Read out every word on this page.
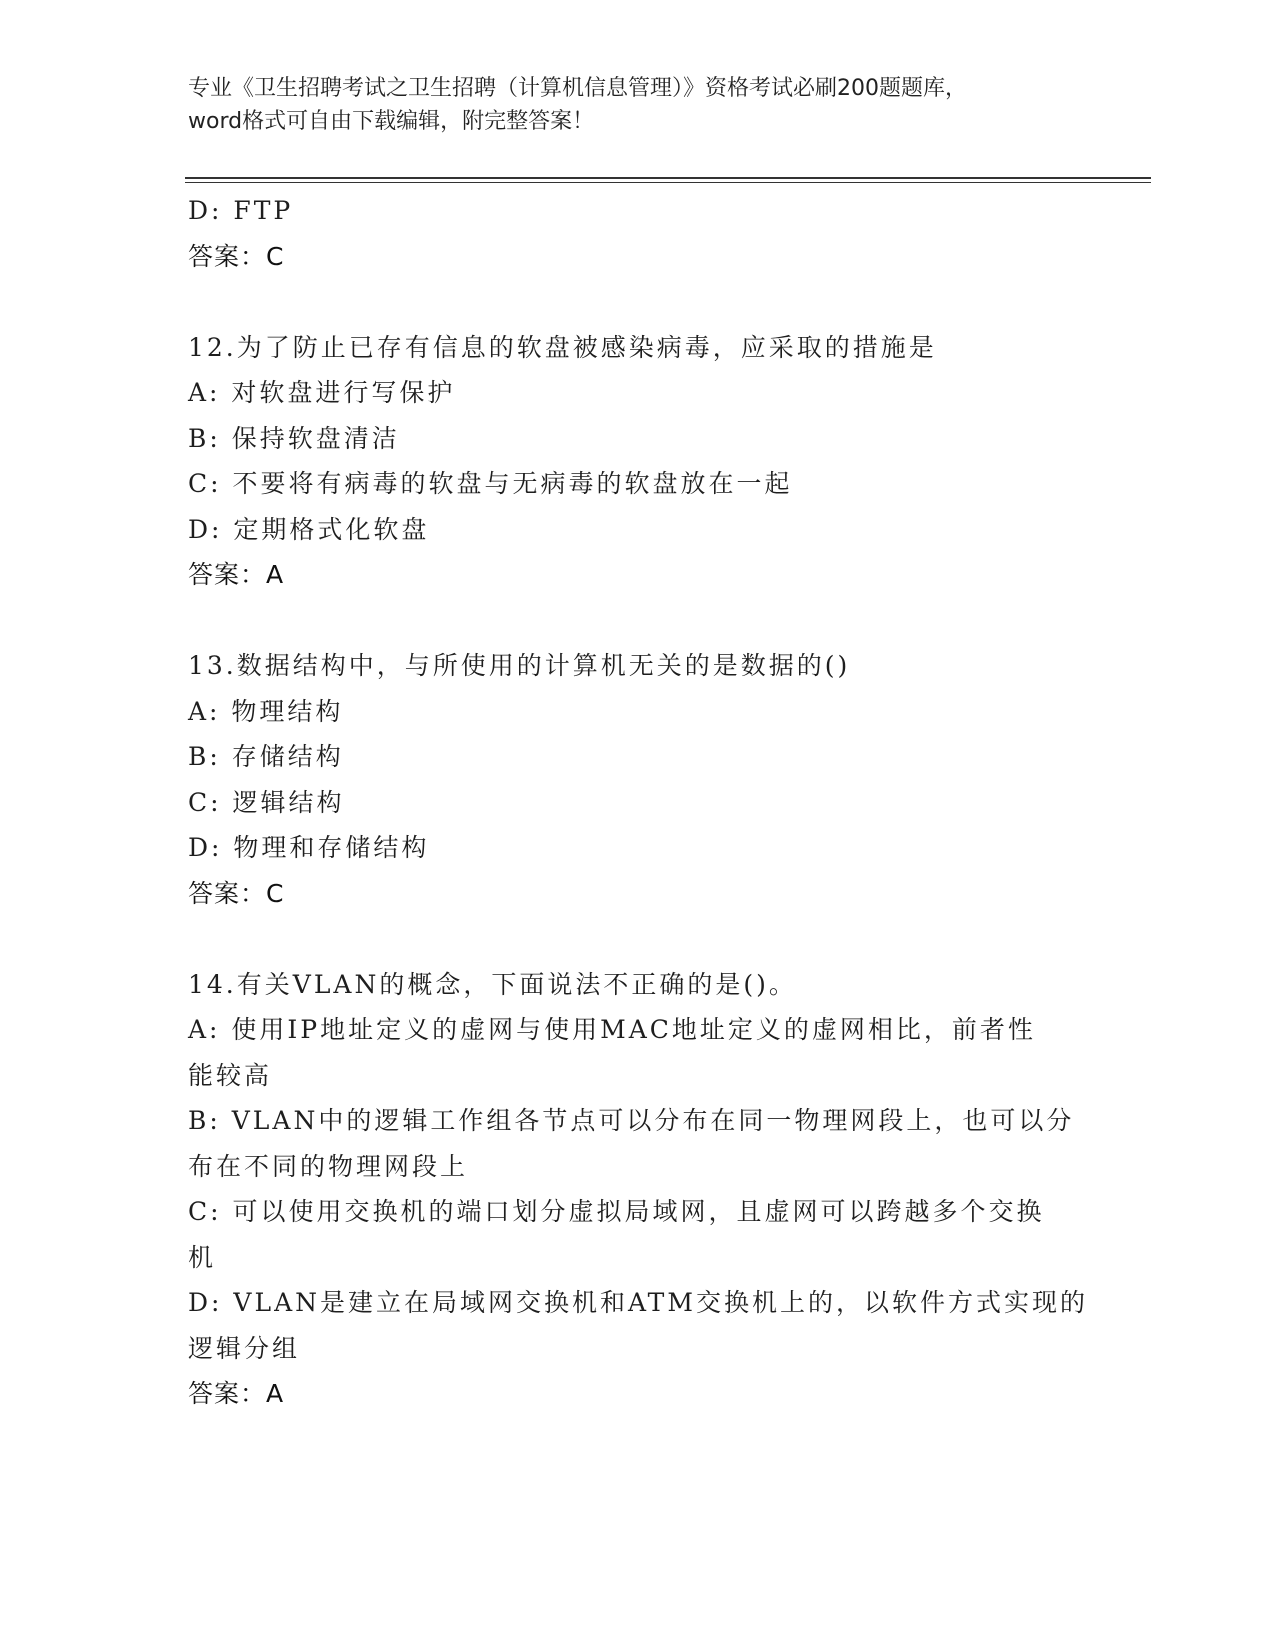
专业《卫生招聘考试之卫生招聘（计算机信息管理）》资格考试必刷200题题库，
word格式可自由下载编辑，附完整答案！
D: FTP
答案：C
12.为了防止已存有信息的软盘被感染病毒，应采取的措施是
A: 对软盘进行写保护
B: 保持软盘清洁
C: 不要将有病毒的软盘与无病毒的软盘放在一起
D: 定期格式化软盘
答案：A
13.数据结构中，与所使用的计算机无关的是数据的()
A: 物理结构
B: 存储结构
C: 逻辑结构
D: 物理和存储结构
答案：C
14.有关VLAN的概念，下面说法不正确的是()。
A: 使用IP地址定义的虚网与使用MAC地址定义的虚网相比，前者性
能较高
B: VLAN中的逻辑工作组各节点可以分布在同一物理网段上，也可以分
布在不同的物理网段上
C: 可以使用交换机的端口划分虚拟局域网，且虚网可以跨越多个交换
机
D: VLAN是建立在局域网交换机和ATM交换机上的，以软件方式实现的
逻辑分组
答案：A
